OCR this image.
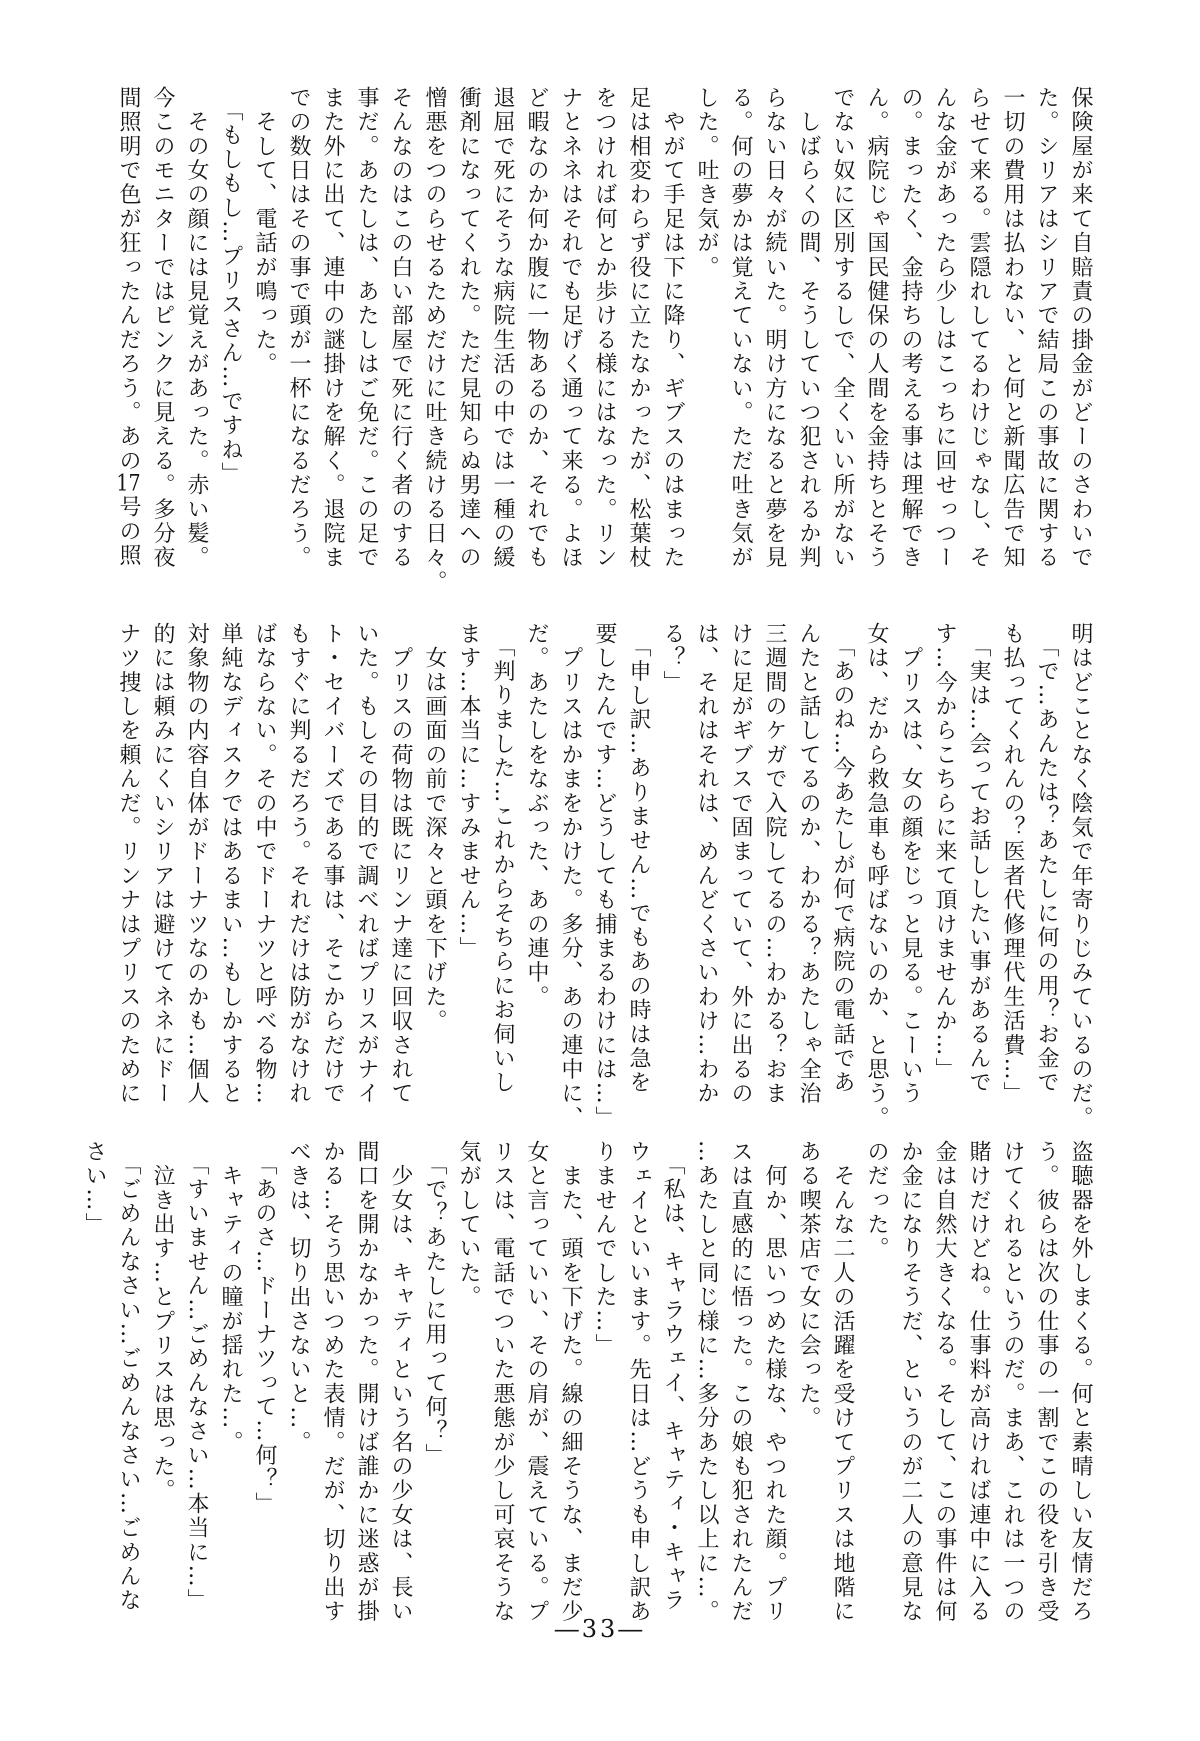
保険屋が来て自賠責の掛金がどーのさわいで

た。シリアはシリアで結局この事故に関する

一切の費用は払わない、と何と新聞広告で知

らせて来る。雲隠れしてるわけじゃなし、そ

んな金があったら少しはこっちに回せっつー

の。まったく、金持ちの考える事は理解でき

ん。病院じゃ国民健保の人間を金持ちとそう

でない奴に区別するしで、全くいい所がない

　しばらくの間、そうしていつ犯されるか判

らない日々が続いた。明け方になると夢を見

る。何の夢かは覚えていない。ただ吐き気が

した。吐き気が。

　やがて手足は下に降り、ギブスのはまった

足は相変わらず役に立たなかったが、松葉杖

をつければ何とか歩ける様にはなった。リン

ナとネネはそれでも足げく通って来る。よほ

ど暇なのか何か腹に一物あるのか、それでも

退屈で死にそうな病院生活の中では一種の緩

衝剤になってくれた。ただ見知らぬ男達への

憎悪をつのらせるためだけに吐き続ける日々。

そんなのはこの白い部屋で死に行く者のする

事だ。あたしは、あたしはご免だ。この足で

また外に出て、連中の謎掛けを解く。退院ま

での数日はその事で頭が一杯になるだろう。

　そして、電話が鳴った。

　「もしもし…プリスさん…ですね」

　その女の顔には見覚えがあった。赤い髪。

今このモニターではピンクに見える。多分夜

間照明で色が狂ったんだろう。あの17号の照

明はどことなく陰気で年寄りじみているのだ。

　「で…あんたは？あたしに何の用？お金で

も払ってくれんの？医者代修理代生活費…」

　「実は…会ってお話ししたい事があるんで

す…今からこちらに来て頂けませんか…」

　プリスは、女の顔をじっと見る。こーいう

女は、だから救急車も呼ばないのか、と思う。

　「あのね…今あたしが何で病院の電話であ

んたと話してるのか、わかる？あたしゃ全治

三週間のケガで入院してるの…わかる？おま

けに足がギブスで固まっていて、外に出るの

は、それはそれは、めんどくさいわけ…わか

る？」

　「申し訳…ありません…でもあの時は急を

要したんです…どうしても捕まるわけには…」

　プリスはかまをかけた。多分、あの連中に、

だ。あたしをなぶった、あの連中。

　「判りました…これからそちらにお伺いし

ます…本当に…すみません…」

　女は画面の前で深々と頭を下げた。

　プリスの荷物は既にリンナ達に回収されて

いた。もしその目的で調べればプリスがナイ

ト・セイバーズである事は、そこからだけで

もすぐに判るだろう。それだけは防がなけれ

ばならない。その中でドーナツと呼べる物…

単純なディスクではあるまい…もしかすると

対象物の内容自体がドーナツなのかも…個人

的には頼みにくいシリアは避けてネネにドー

ナツ捜しを頼んだ。リンナはプリスのために

盗聴器を外しまくる。何と素晴しい友情だろ

う。彼らは次の仕事の一割でこの役を引き受

けてくれるというのだ。まあ、これは一つの

賭けだけどね。仕事料が高ければ連中に入る

金は自然大きくなる。そして、この事件は何

か金になりそうだ、というのが二人の意見な

のだった。

　そんな二人の活躍を受けてプリスは地階に

ある喫茶店で女に会った。

　何か、思いつめた様な、やつれた顔。プリ

スは直感的に悟った。この娘も犯されたんだ

…あたしと同じ様に…多分あたし以上に…。

　「私は、キャラウェイ、キャティ・キャラ

ウェイといいます。先日は…どうも申し訳あ

りませんでした…」

　また、頭を下げた。線の細そうな、まだ少

女と言っていい、その肩が、震えている。プ

リスは、電話でついた悪態が少し可哀そうな

気がしていた。

　「で？あたしに用って何？」

　少女は、キャティという名の少女は、長い

間口を開かなかった。開けば誰かに迷惑が掛

かる…そう思いつめた表情。だが、切り出す

べきは、切り出さないと…。

　「あのさ…ドーナツって…何？」

　キャティの瞳が揺れた…。

　「すいません…ごめんなさい…本当に…」

　泣き出す…とプリスは思った。

　「ごめんなさい…ごめんなさい…ごめんな

さい…」

―33―
